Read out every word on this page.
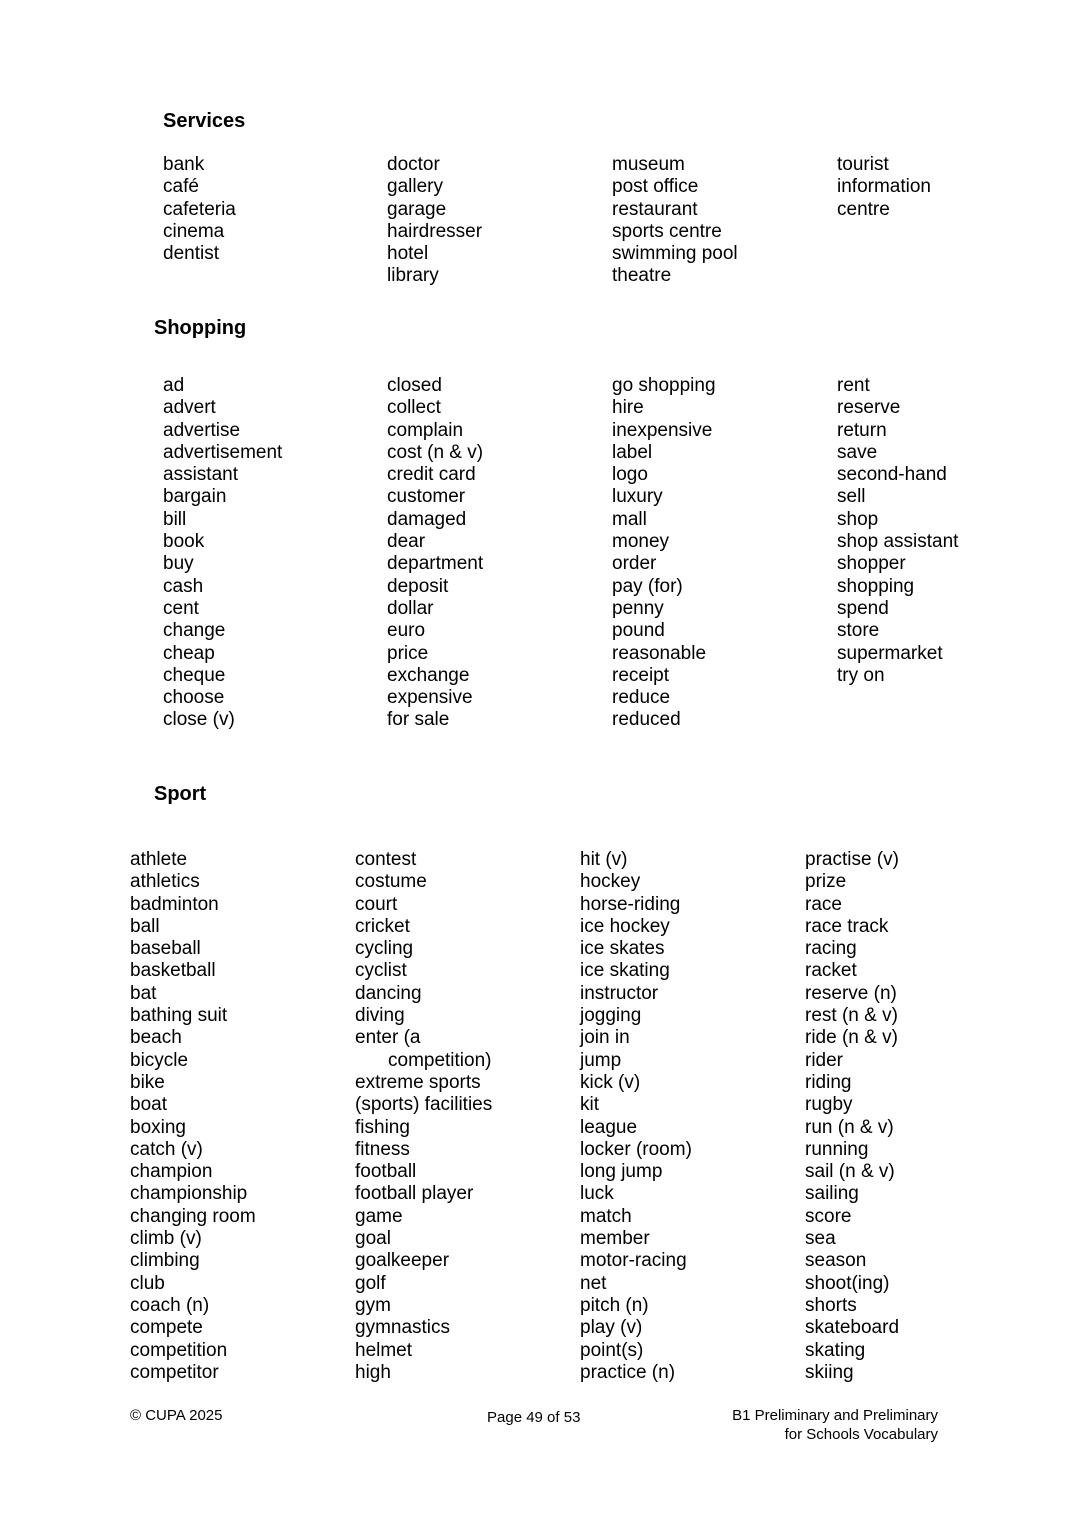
Services
bank
café
cafeteria
cinema
dentist
doctor
gallery
garage
hairdresser
hotel
library
museum
post office
restaurant
sports centre
swimming pool
theatre
tourist
information
centre
Shopping
ad
advert
advertise
advertisement
assistant
bargain
bill
book
buy
cash
cent
change
cheap
cheque
choose
close (v)
closed
collect
complain
cost (n & v)
credit card
customer
damaged
dear
department
deposit
dollar
euro
price
exchange
expensive
for sale
go shopping
hire
inexpensive
label
logo
luxury
mall
money
order
pay (for)
penny
pound
reasonable
receipt
reduce
reduced
rent
reserve
return
save
second-hand
sell
shop
shop assistant
shopper
shopping
spend
store
supermarket
try on
Sport
athlete
athletics
badminton
ball
baseball
basketball
bat
bathing suit
beach
bicycle
bike
boat
boxing
catch (v)
champion
championship
changing room
climb (v)
climbing
club
coach (n)
compete
competition
competitor
contest
costume
court
cricket
cycling
cyclist
dancing
diving
enter (a
competition)
extreme sports
(sports) facilities
fishing
fitness
football
football player
game
goal
goalkeeper
golf
gym
gymnastics
helmet
high
hit (v)
hockey
horse-riding
ice hockey
ice skates
ice skating
instructor
jogging
join in
jump
kick (v)
kit
league
locker (room)
long jump
luck
match
member
motor-racing
net
pitch (n)
play (v)
point(s)
practice (n)
practise (v)
prize
race
race track
racing
racket
reserve (n)
rest (n & v)
ride (n & v)
rider
riding
rugby
run (n & v)
running
sail (n & v)
sailing
score
sea
season
shoot(ing)
shorts
skateboard
skating
skiing

© CUPA 2025	Page 49 of 53	B1 Preliminary and Preliminary
for Schools Vocabulary
